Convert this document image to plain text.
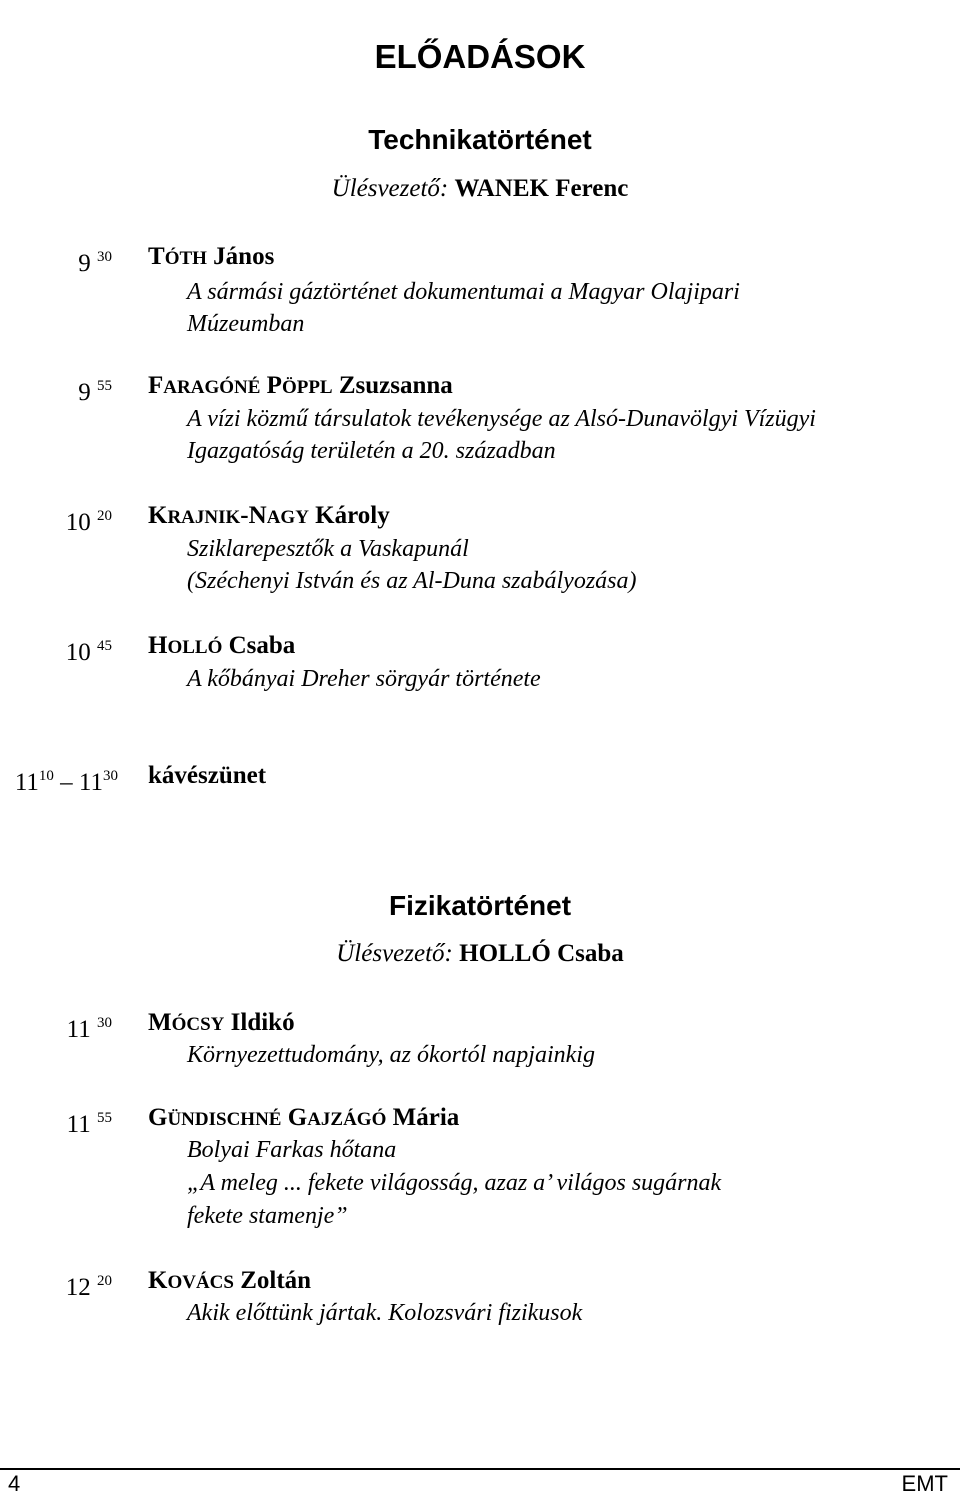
ELŐADÁSOK
Technikatörténet
Ülésvezető: WANEK Ferenc
9 $^{30}$ TÓTH János
A sármási gáztörténet dokumentumai a Magyar Olajipari
Múzeumban
9 $^{55}$ FARAGÓNÉ PÖPPL Zsuzsanna
A vízi közmű társulatok tevékenysége az Alsó-Dunavölgyi Vízügyi
Igazgatóság területén a 20. században
10 $^{20}$ KRAJNIK-NAGY Károly
Sziklarepesztők a Vaskapunál
(Széchenyi István és az Al-Duna szabályozása)
10 $^{45}$ HOLLÓ Csaba
A kőbányai Dreher sörgyár története
$11^{10} - 11^{30}$ kávészünet
Fizikatörténet
Ülésvezető: HOLLÓ Csaba
11 $^{30}$ MÓCSY Ildikó
Környezettudomány, az ókortól napjainkig
11 $^{55}$ GÜNDISCHNÉ GAJZÁGÓ Mária
Bolyai Farkas hőtana
„A meleg ... fekete világosság, azaz a’ világos sugárnak
fekete stamenje”
12 $^{20}$ KOVÁCS Zoltán
Akik előttünk jártak. Kolozsvári fizikusok
4	EMT
